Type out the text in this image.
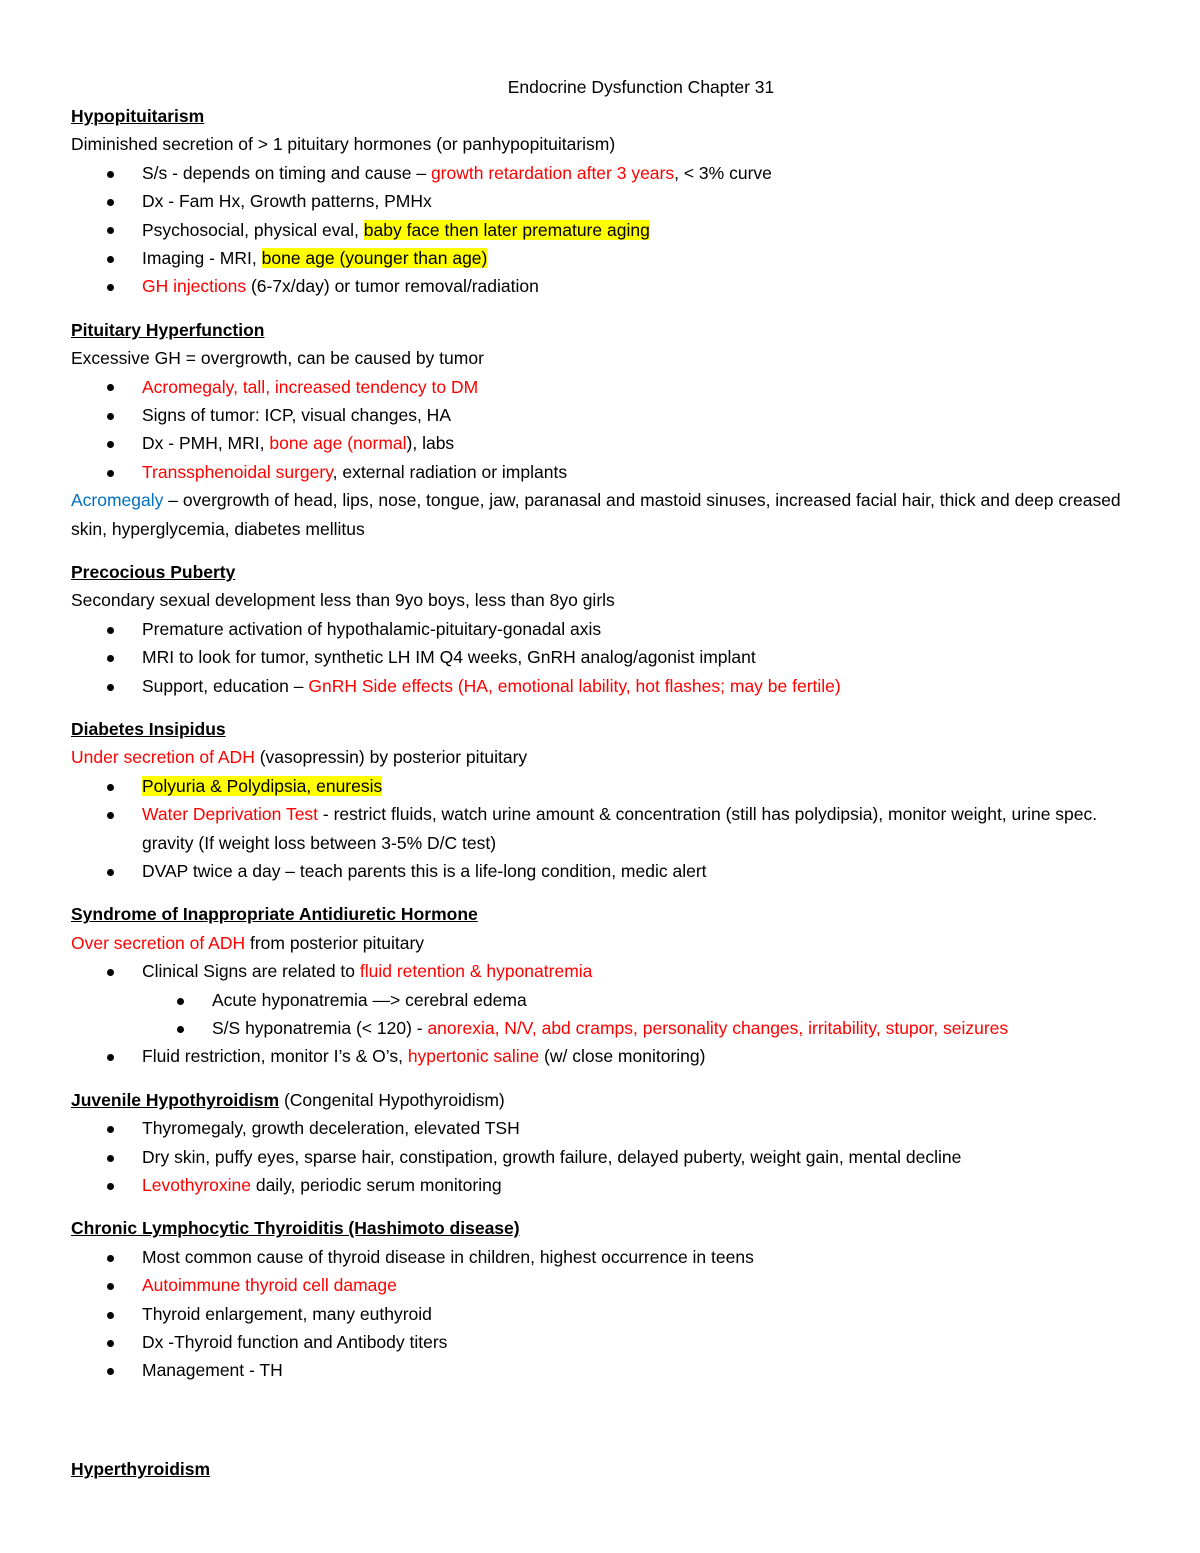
Endocrine Dysfunction Chapter 31
Hypopituitarism
Diminished secretion of > 1 pituitary hormones (or panhypopituitarism)
S/s - depends on timing and cause – growth retardation after 3 years, < 3% curve
Dx - Fam Hx, Growth patterns, PMHx
Psychosocial, physical eval, baby face then later premature aging
Imaging - MRI, bone age (younger than age)
GH injections (6-7x/day) or tumor removal/radiation
Pituitary Hyperfunction
Excessive GH = overgrowth, can be caused by tumor
Acromegaly, tall, increased tendency to DM
Signs of tumor: ICP, visual changes, HA
Dx - PMH, MRI, bone age (normal), labs
Transsphenoidal surgery, external radiation or implants

Acromegaly – overgrowth of head, lips, nose, tongue, jaw, paranasal and mastoid sinuses, increased facial hair, thick and deep creased skin, hyperglycemia, diabetes mellitus

Precocious Puberty
Secondary sexual development less than 9yo boys, less than 8yo girls
Premature activation of hypothalamic-pituitary-gonadal axis
MRI to look for tumor, synthetic LH IM Q4 weeks, GnRH analog/agonist implant
Support, education – GnRH Side effects (HA, emotional lability, hot flashes; may be fertile)
Diabetes Insipidus
Under secretion of ADH (vasopressin) by posterior pituitary
Polyuria & Polydipsia, enuresis
Water Deprivation Test - restrict fluids, watch urine amount & concentration (still has polydipsia), monitor weight, urine spec. gravity (If weight loss between 3-5% D/C test)
DVAP twice a day – teach parents this is a life-long condition, medic alert
Syndrome of Inappropriate Antidiuretic Hormone
Over secretion of ADH from posterior pituitary
Clinical Signs are related to fluid retention & hyponatremia
Acute hyponatremia —> cerebral edema
S/S hyponatremia (< 120) - anorexia, N/V, abd cramps, personality changes, irritability, stupor, seizures
Fluid restriction, monitor I’s & O’s, hypertonic saline (w/ close monitoring)
Juvenile Hypothyroidism (Congenital Hypothyroidism)
Thyromegaly, growth deceleration, elevated TSH
Dry skin, puffy eyes, sparse hair, constipation, growth failure, delayed puberty, weight gain, mental decline
Levothyroxine daily, periodic serum monitoring
Chronic Lymphocytic Thyroiditis (Hashimoto disease)
Most common cause of thyroid disease in children, highest occurrence in teens
Autoimmune thyroid cell damage
Thyroid enlargement, many euthyroid
Dx -Thyroid function and Antibody titers
Management - TH
Hyperthyroidism
